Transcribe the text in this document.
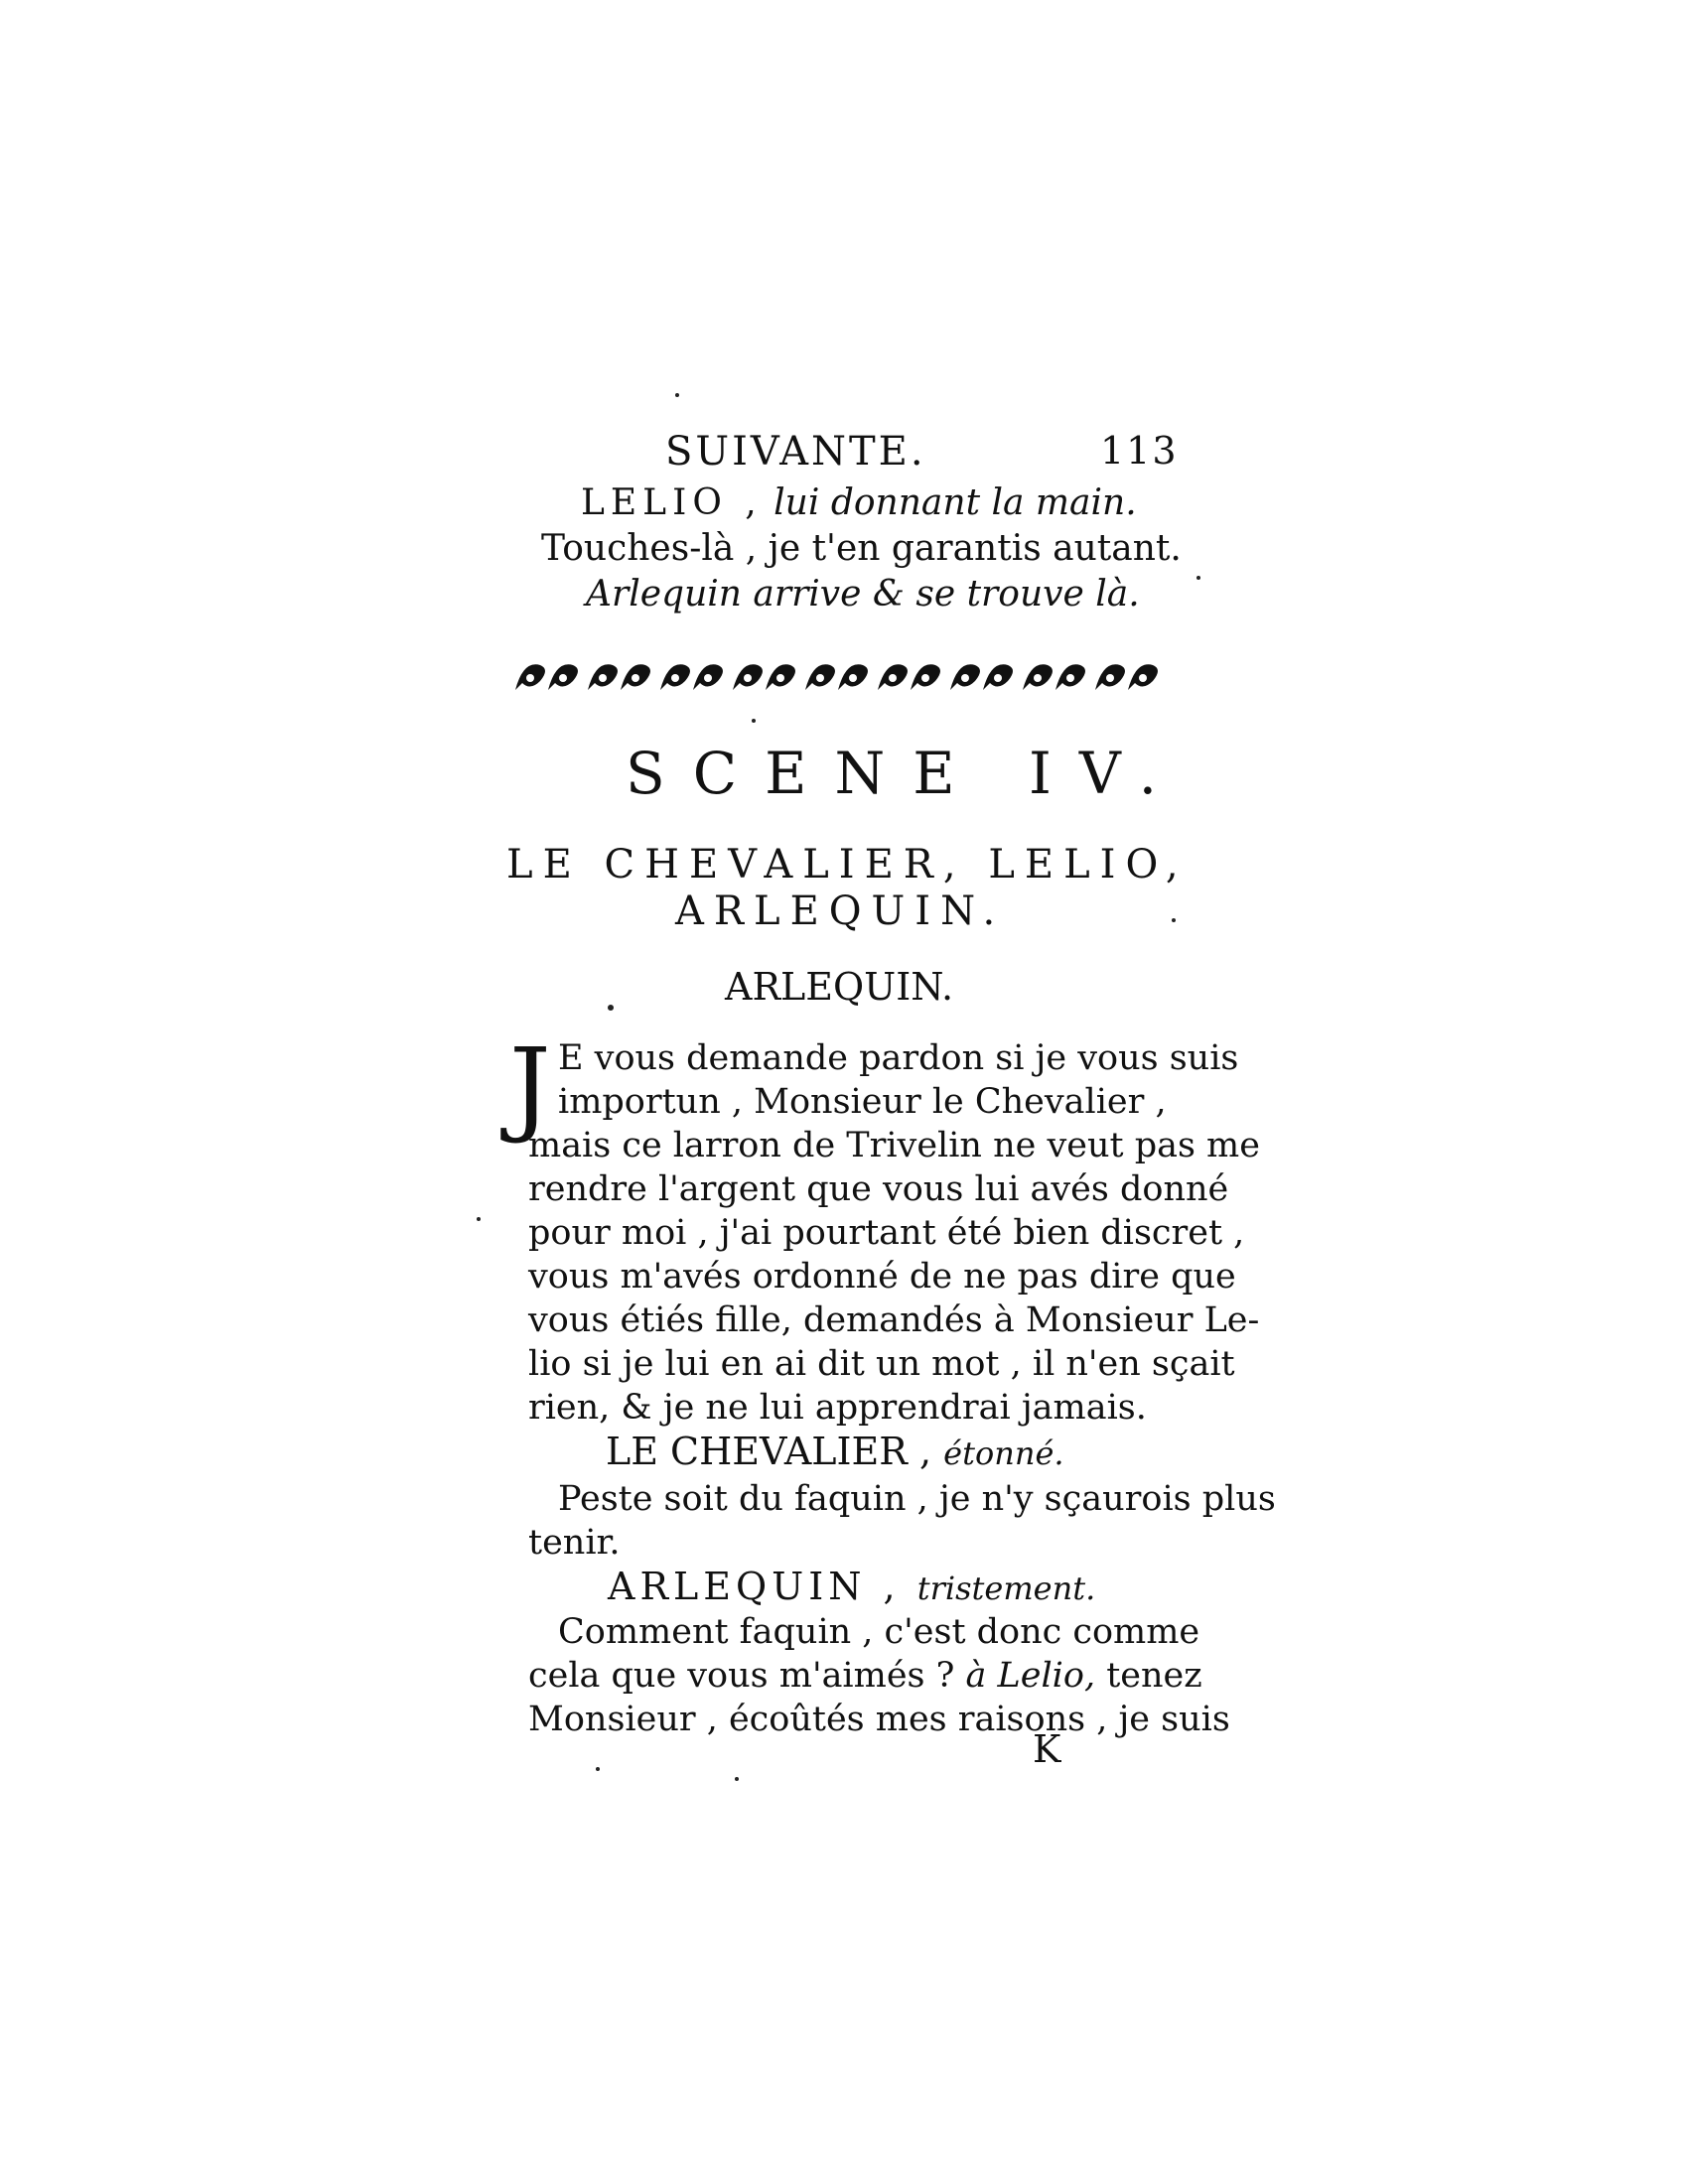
SUIVANTE.	113
LELIO , lui donnant la main.
Touches-là , je t'en garantis autant.
Arlequin arrive & se trouve là.
SCENE IV.
LE CHEVALIER, LELIO,
ARLEQUIN.
ARLEQUIN.
J E vous demande pardon si je vous suis
importun , Monsieur le Chevalier ,
mais ce larron de Trivelin ne veut pas me
rendre l'argent que vous lui avés donné
pour moi , j'ai pourtant été bien discret ,
vous m'avés ordonné de ne pas dire que
vous étiés fille, demandés à Monsieur Le-
lio si je lui en ai dit un mot , il n'en sçait
rien, & je ne lui apprendrai jamais.
LE CHEVALIER , étonné.
Peste soit du faquin , je n'y sçaurois plus
tenir.
ARLEQUIN , tristement.
Comment faquin , c'est donc comme
cela que vous m'aimés ? à Lelio, tenez
Monsieur , écoûtés mes raisons , je suis
K
